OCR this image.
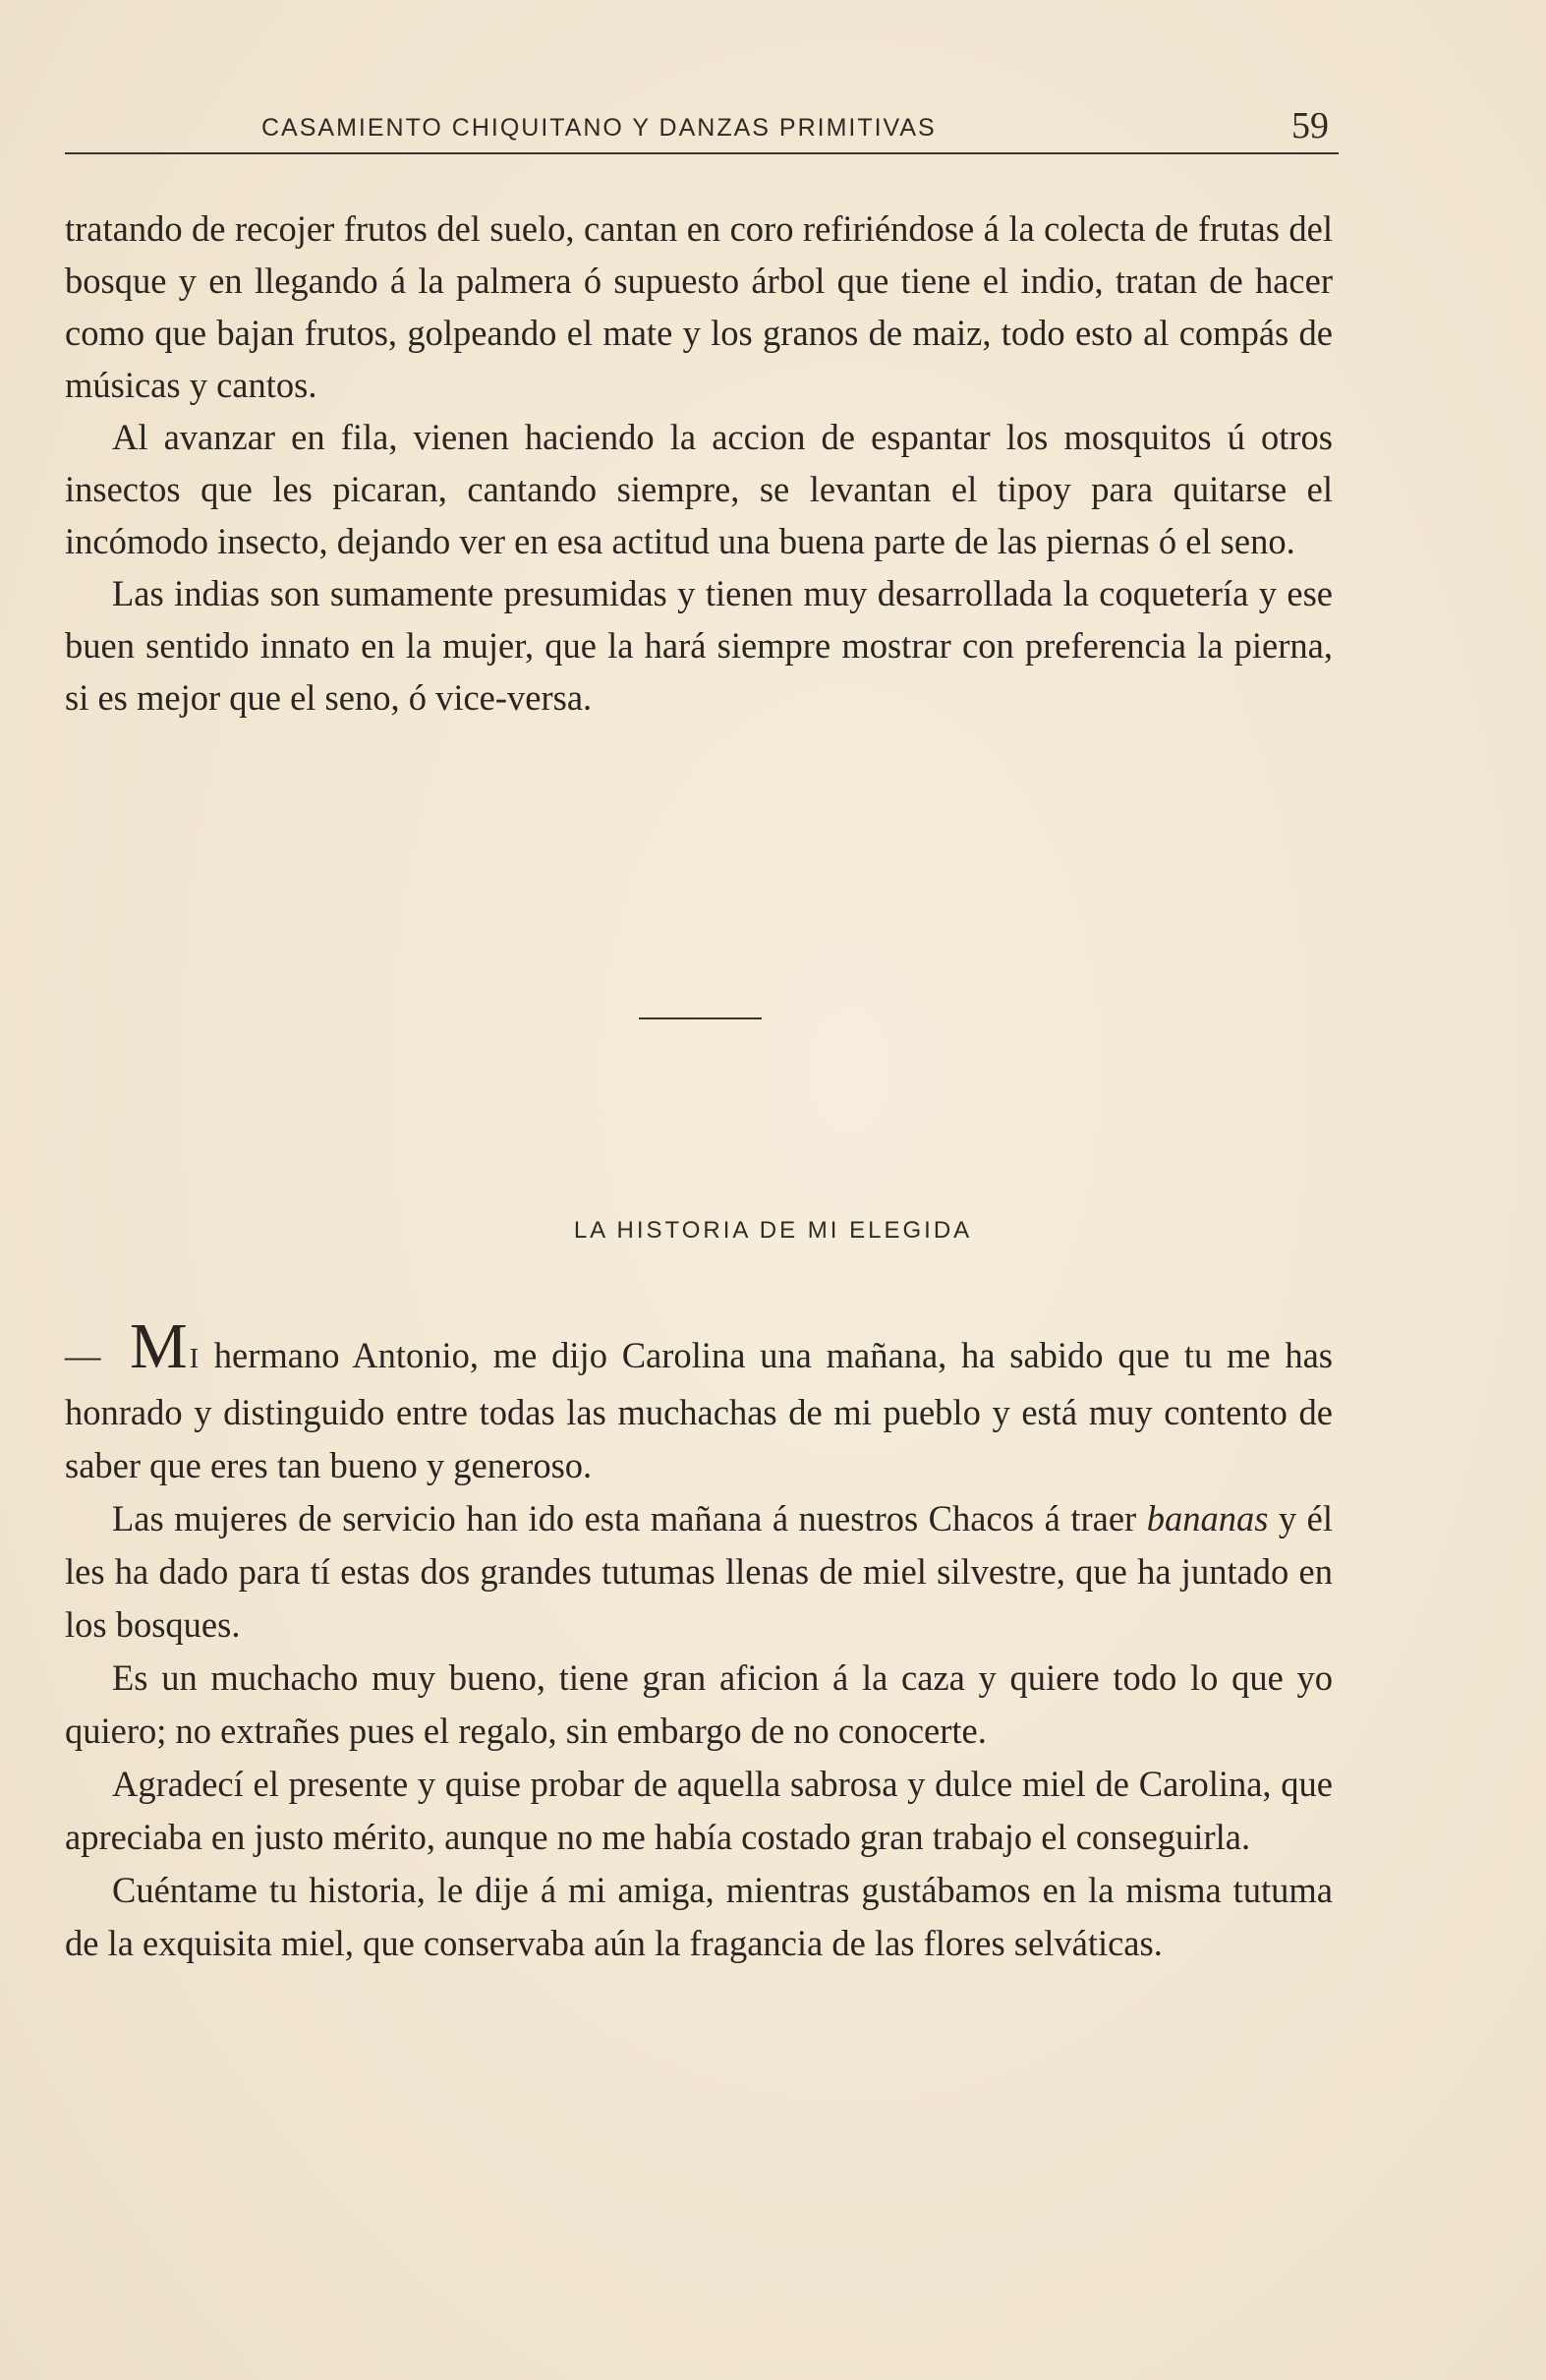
CASAMIENTO CHIQUITANO Y DANZAS PRIMITIVAS	59

tratando de recojer frutos del suelo, cantan en coro refiriéndose á la colecta de frutas del bosque y en llegando á la palmera ó supuesto árbol que tiene el indio, tratan de hacer como que bajan frutos, golpeando el mate y los granos de maiz, todo esto al compás de músicas y cantos.

Al avanzar en fila, vienen haciendo la accion de espantar los mosquitos ú otros insectos que les picaran, cantando siempre, se levantan el tipoy para quitarse el incómodo insecto, dejando ver en esa actitud una buena parte de las piernas ó el seno.

Las indias son sumamente presumidas y tienen muy desarrollada la coquetería y ese buen sentido innato en la mujer, que la hará siempre mostrar con preferencia la pierna, si es mejor que el seno, ó vice-versa.

LA HISTORIA DE MI ELEGIDA

— MI hermano Antonio, me dijo Carolina una mañana, ha sabido que tu me has honrado y distinguido entre todas las muchachas de mi pueblo y está muy contento de saber que eres tan bueno y generoso.

Las mujeres de servicio han ido esta mañana á nuestros Chacos á traer bananas y él les ha dado para tí estas dos grandes tutumas llenas de miel silvestre, que ha juntado en los bosques.

Es un muchacho muy bueno, tiene gran aficion á la caza y quiere todo lo que yo quiero; no extrañes pues el regalo, sin embargo de no conocerte.

Agradecí el presente y quise probar de aquella sabrosa y dulce miel de Carolina, que apreciaba en justo mérito, aunque no me había costado gran trabajo el conseguirla.

Cuéntame tu historia, le dije á mi amiga, mientras gustábamos en la misma tutuma de la exquisita miel, que conservaba aún la fragancia de las flores selváticas.
